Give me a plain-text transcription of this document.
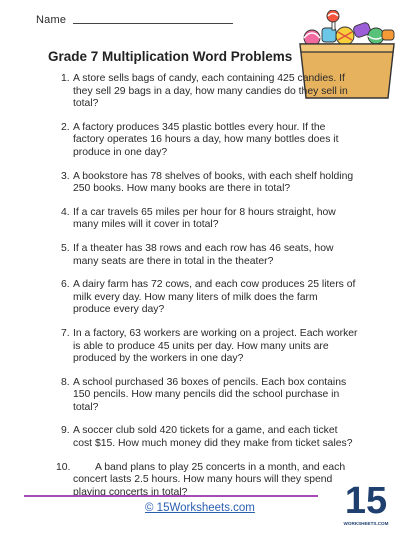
Name
Grade 7 Multiplication Word Problems
1. A store sells bags of candy, each containing 425 candies. If they sell 29 bags in a day, how many candies do they sell in total?
2. A factory produces 345 plastic bottles every hour. If the factory operates 16 hours a day, how many bottles does it produce in one day?
3. A bookstore has 78 shelves of books, with each shelf holding 250 books. How many books are there in total?
4. If a car travels 65 miles per hour for 8 hours straight, how many miles will it cover in total?
5. If a theater has 38 rows and each row has 46 seats, how many seats are there in total in the theater?
6. A dairy farm has 72 cows, and each cow produces 25 liters of milk every day. How many liters of milk does the farm produce every day?
7. In a factory, 63 workers are working on a project. Each worker is able to produce 45 units per day. How many units are produced by the workers in one day?
8. A school purchased 36 boxes of pencils. Each box contains 150 pencils. How many pencils did the school purchase in total?
9. A soccer club sold 420 tickets for a game, and each ticket cost $15. How much money did they make from ticket sales?
10.	A band plans to play 25 concerts in a month, and each concert lasts 2.5 hours. How many hours will they spend playing concerts in total?
© 15Worksheets.com 15
WORKSHEETS.COM
